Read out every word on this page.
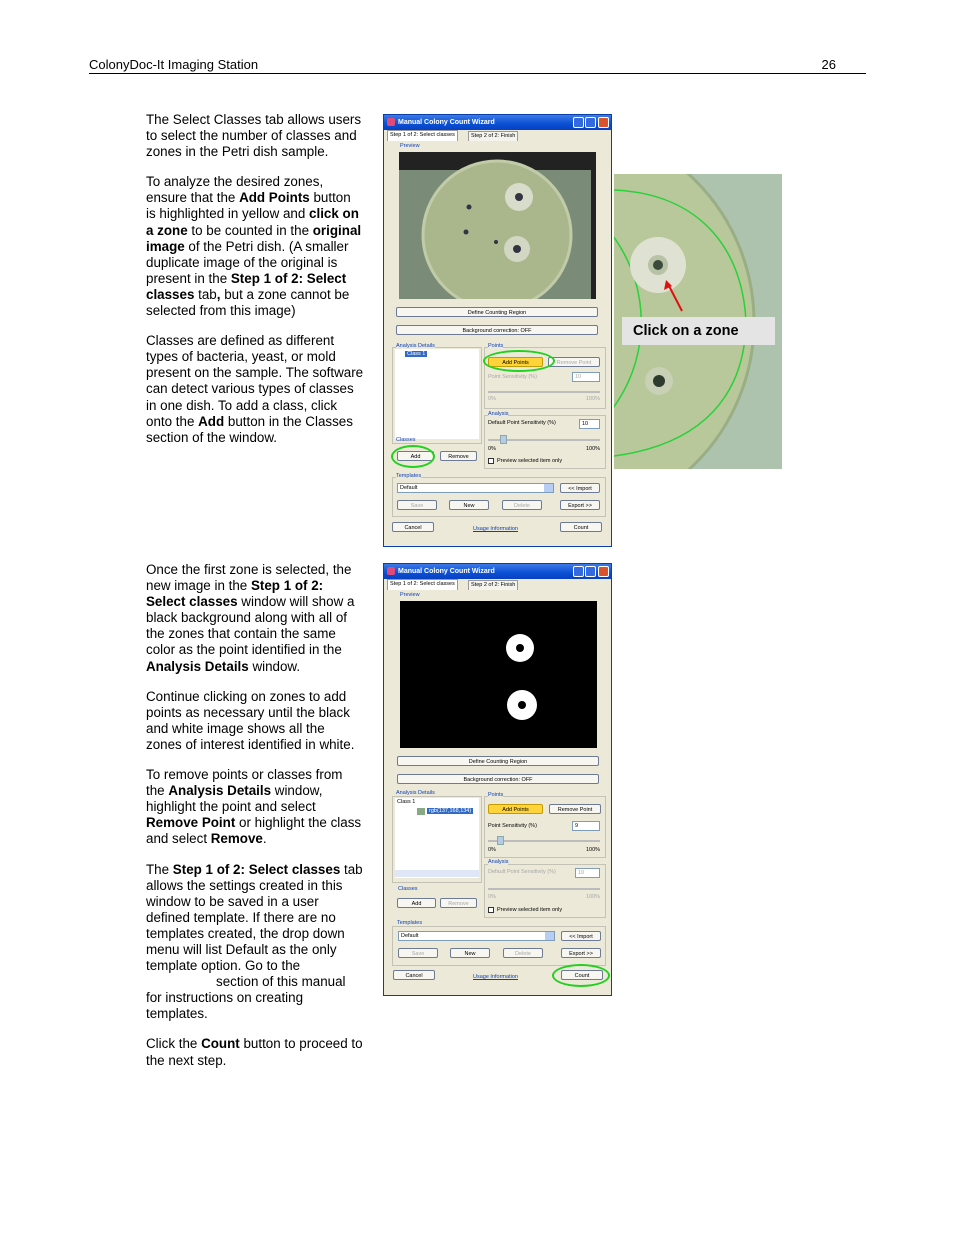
ColonyDoc-It Imaging Station	26

The Select Classes tab allows users to select the number of classes and zones in the Petri dish sample.

To analyze the desired zones, ensure that the Add Points button is highlighted in yellow and click on a zone to be counted in the original image of the Petri dish. (A smaller duplicate image of the original is present in the Step 1 of 2: Select classes tab, but a zone cannot be selected from this image)

Classes are defined as different types of bacteria, yeast, or mold present on the sample. The software can detect various types of classes in one dish. To add a class, click onto the Add button in the Classes section of the window.

Once the first zone is selected, the new image in the Step 1 of 2: Select classes window will show a black background along with all of the zones that contain the same color as the point identified in the Analysis Details window.

Continue clicking on zones to add points as necessary until the black and white image shows all the zones of interest identified in white.

To remove points or classes from the Analysis Details window, highlight the point and select Remove Point or highlight the class and select Remove.

The Step 1 of 2: Select classes tab allows the settings created in this window to be saved in a user defined template. If there are no templates created, the drop down menu will list Default as the only template option. Go to the
section of this manual for instructions on creating templates.

Click the Count button to proceed to the next step.

Click on a zone
Manual Colony Count Wizard
Step 1 of 2: Select classes	Step 2 of 2: Finish
Preview
Define Counting Region
Background correction: OFF
Analysis Details
Class 1
Points
Add Points	Remove Point
Point Sensitivity (%)	10
0%	100%
Analysis
Default Point Sensitivity (%)	10
0%	100%
Preview selected item only
Classes
Add	Remove
Templates
Default	<< Import
Save	New	Delete	Export >>
Cancel	Usage Information	Count
Manual Colony Count Wizard
Step 1 of 2: Select classes	Step 2 of 2: Finish
Preview
Define Counting Region
Background correction: OFF
Analysis Details
Class 1
rgb(137,168,134)
Points
Add Points	Remove Point
Point Sensitivity (%)	9
0%	100%
Analysis
Default Point Sensitivity (%)	10
0%	100%
Preview selected item only
Classes
Add	Remove
Templates
Default	<< Import
Save	New	Delete	Export >>
Cancel	Usage Information	Count
